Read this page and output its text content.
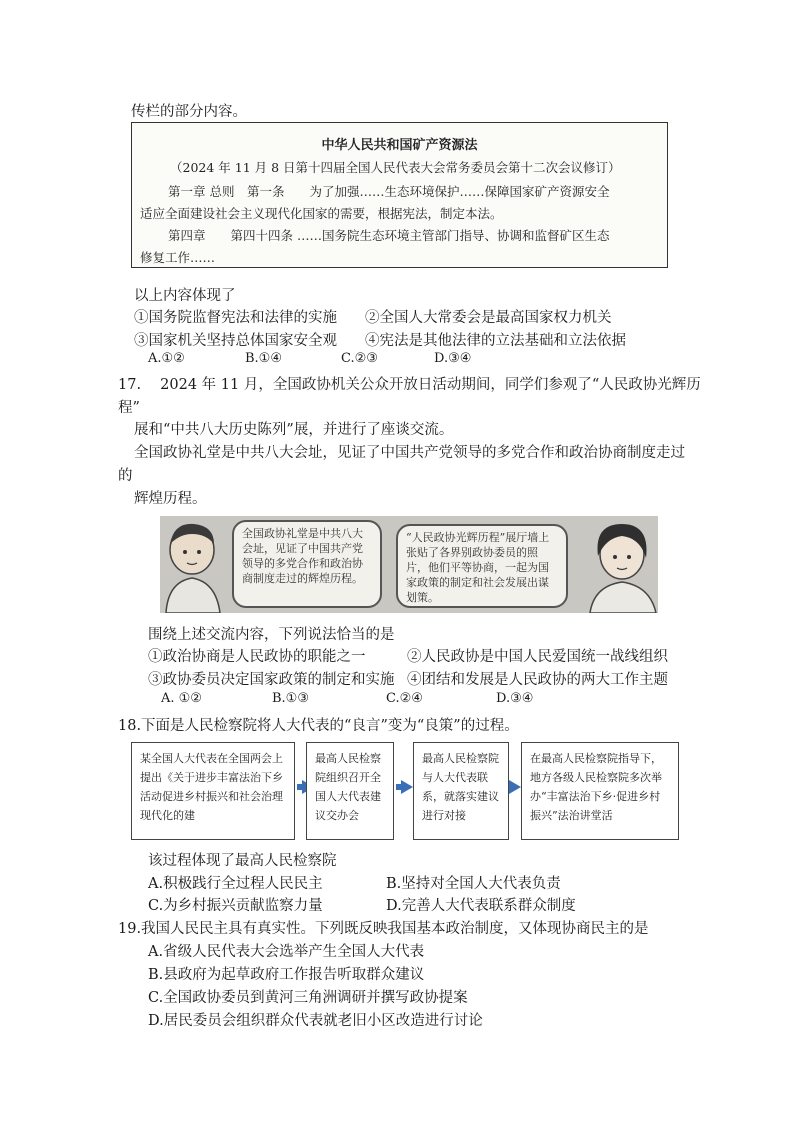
传栏的部分内容。
中华人民共和国矿产资源法
（2024 年 11 月 8 日第十四届全国人民代表大会常务委员会第十二次会议修订）
第一章 总则　第一条　　为了加强……生态环境保护……保障国家矿产资源安全
适应全面建设社会主义现代化国家的需要，根据宪法，制定本法。
第四章　　第四十四条 ……国务院生态环境主管部门指导、协调和监督矿区生态
修复工作……
以上内容体现了
①国务院监督宪法和法律的实施 ②全国人大常委会是最高国家权力机关
③国家机关坚持总体国家安全观 ④宪法是其他法律的立法基础和立法依据
A.①②	B.①④	C.②③	D.③④
17.　 2024 年 11 月，全国政协机关公众开放日活动期间，同学们参观了“人民政协光辉历
程”
展和“中共八大历史陈列”展，并进行了座谈交流。
全国政协礼堂是中共八大会址，见证了中国共产党领导的多党合作和政治协商制度走过
的
辉煌历程。
全国政协礼堂是中共八大会址，见证了中国共产党领导的多党合作和政治协商制度走过的辉煌历程。
“人民政协光辉历程”展厅墙上张贴了各界别政协委员的照片，他们平等协商，一起为国家政策的制定和社会发展出谋划策。
围绕上述交流内容，下列说法恰当的是
①政治协商是人民政协的职能之一	②人民政协是中国人民爱国统一战线组织
③政协委员决定国家政策的制定和实施 ④团结和发展是人民政协的两大工作主题
A. ①②	B.①③	C.②④	D.③④
18.下面是人民检察院将人大代表的“良言”变为“良策”的过程。
某全国人大代表在全国两会上提出《关于进步丰富法治下乡活动促进乡村振兴和社会治理现代化的建
最高人民检察院组织召开全国人大代表建议交办会
最高人民检察院与人大代表联系，就落实建议进行对接
在最高人民检察院指导下，地方各级人民检察院多次举办“丰富法治下乡·促进乡村振兴”法治讲堂活
该过程体现了最高人民检察院
A.积极践行全过程人民民主	B.坚持对全国人大代表负责
C.为乡村振兴贡献监察力量	D.完善人大代表联系群众制度
19.我国人民民主具有真实性。下列既反映我国基本政治制度，又体现协商民主的是
A.省级人民代表大会选举产生全国人大代表
B.县政府为起草政府工作报告听取群众建议
C.全国政协委员到黄河三角洲调研并撰写政协提案
D.居民委员会组织群众代表就老旧小区改造进行讨论
